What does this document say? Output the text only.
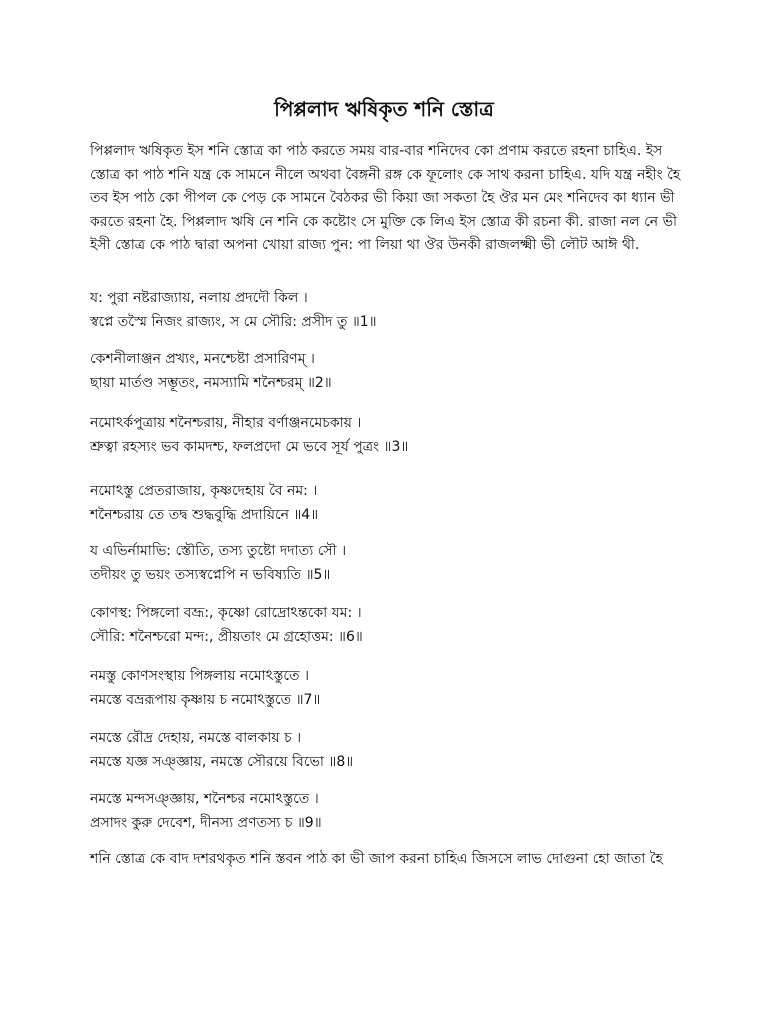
পিপ্পলাদ ঋষিকৃত শনি স্তোত্র

পিপ্পলাদ ঋষিকৃত ইস শনি স্তোত্র কা পাঠ করতে সময় বার-বার শনিদেব কো প্রণাম করতে রহনা চাহিএ. ইস স্তোত্র কা পাঠ শনি যন্ত্র কে সামনে নীলে অথবা বৈঙ্গনী রঙ্গ কে ফূলোং কে সাথ করনা চাহিএ. যদি যন্ত্র নহীং হৈ তব ইস পাঠ কো পীপল কে পেড় কে সামনে বৈঠকর ভী কিয়া জা সকতা হৈ ঔর মন মেং শনিদেব কা ধ্যান ভী করতে রহনা হৈ. পিপ্পলাদ ঋষি নে শনি কে কষ্টোং সে মুক্তি কে লিএ ইস স্তোত্র কী রচনা কী. রাজা নল নে ভী ইসী স্তোত্র কে পাঠ দ্বারা অপনা খোয়া রাজ্য পুন: পা লিয়া থা ঔর উনকী রাজলক্ষ্মী ভী লৌট আঈ থী.

য: পুরা নষ্টরাজ্যায়, নলায় প্রদদৌ কিল ।
স্বপ্নে তস্মৈ নিজং রাজ্যং, স মে সৌরি: প্রসীদ তু ॥1॥
কেশনীলাঞ্জন প্রখ্যং, মনশ্চেষ্টা প্রসারিণম্ ।
ছায়া মার্তণ্ড সম্ভূতং, নমস্যামি শনৈশ্চরম্ ॥2॥
নমোঽর্কপুত্রায় শনৈশ্চরায়, নীহার বর্ণাঞ্জনমেচকায় ।
শ্রুত্বা রহস্যং ভব কামদশ্চ, ফলপ্রদো মে ভবে সূর্য পুত্রং ॥3॥
নমোঽস্তু প্রেতরাজায়, কৃষ্ণদেহায় বৈ নম: ।
শনৈশ্চরায় তে তদ্ব শুদ্ধবুদ্ধি প্রদায়িনে ॥4॥
য এভির্নামাভি: স্তৌতি, তস্য তুষ্টো দদাত্য সৌ ।
তদীয়ং তু ভয়ং তস্যস্বপ্নেপি ন ভবিষ্যতি ॥5॥
কোণস্থ: পিঙ্গলো বভ্রূ:, কৃষ্ণো রোদ্রোঽন্তকো যম: ।
সৌরি: শনৈশ্চরো মন্দ:, প্রীয়তাং মে গ্রহোত্তম: ॥6॥
নমস্তু কোণসংস্থায় পিঙ্গলায় নমোঽস্তুতে ।
নমস্তে বভ্ররূপায় কৃষ্ণায় চ নমোঽস্তুতে ॥7॥
নমস্তে রৌদ্র দেহায়, নমস্তে বালকায় চ ।
নমস্তে যজ্ঞ সঞ্জ্ঞায়, নমস্তে সৌরয়ে বিভো ॥8॥
নমস্তে মন্দসঞ্জ্ঞায়, শনৈশ্চর নমোঽস্তুতে ।
প্রসাদং কুরু দেবেশ, দীনস্য প্রণতস্য চ ॥9॥

শনি স্তোত্র কে বাদ দশরথকৃত শনি স্তবন পাঠ কা ভী জাপ করনা চাহিএ জিসসে লাভ দোগুনা হো জাতা হৈ
